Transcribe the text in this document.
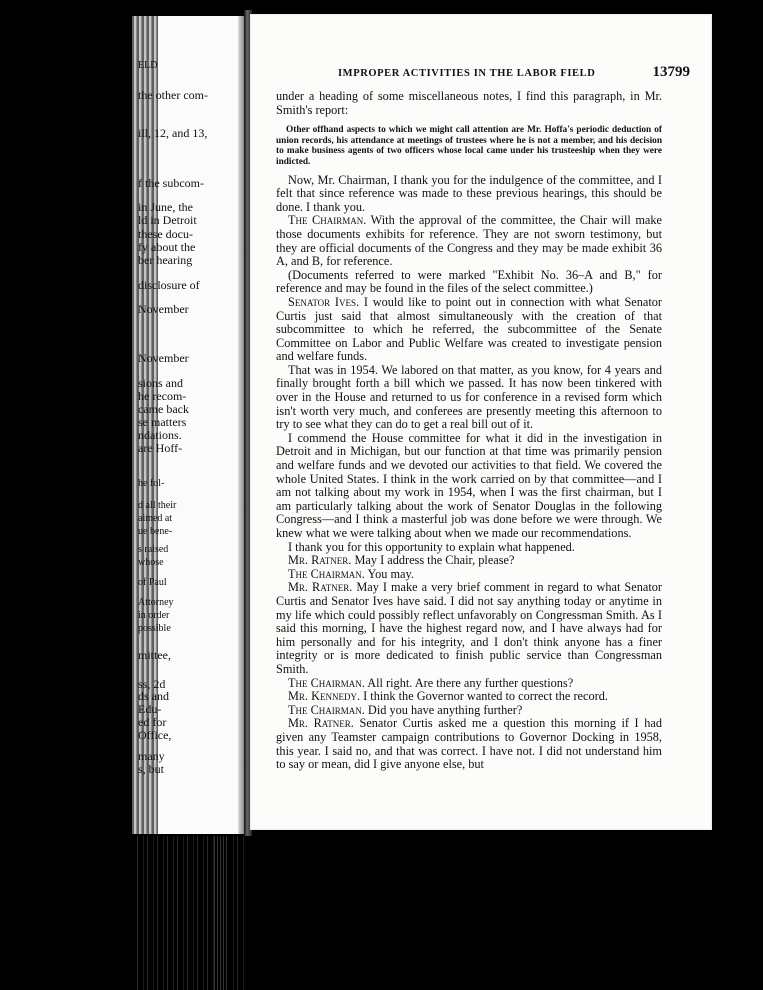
ELD
the other com-
ill, 12, and 13,
f the subcom-
in June, the
ld in Detroit
these docu-
fy about the
ber hearing
disclosure of
November
November
sions and
he recom-
came back
se matters
ndations.
are Hoff-
he fol-
d all their
aimed at
ue bene-
s raised
whose
of Paul
Attorney
in order
possible
mittee,
ss, 2d
ds and
Edu-
ed for
Office,
many
s, but
IMPROPER ACTIVITIES IN THE LABOR FIELD	13799

under a heading of some miscellaneous notes, I find this paragraph, in Mr. Smith's report:

Other offhand aspects to which we might call attention are Mr. Hoffa's periodic deduction of union records, his attendance at meetings of trustees where he is not a member, and his decision to make business agents of two officers whose local came under his trusteeship when they were indicted.

Now, Mr. Chairman, I thank you for the indulgence of the committee, and I felt that since reference was made to these previous hearings, this should be done. I thank you.

The Chairman. With the approval of the committee, the Chair will make those documents exhibits for reference. They are not sworn testimony, but they are official documents of the Congress and they may be made exhibit 36 A, and B, for reference.

(Documents referred to were marked "Exhibit No. 36–A and B," for reference and may be found in the files of the select committee.)

Senator Ives. I would like to point out in connection with what Senator Curtis just said that almost simultaneously with the creation of that subcommittee to which he referred, the subcommittee of the Senate Committee on Labor and Public Welfare was created to investigate pension and welfare funds.

That was in 1954. We labored on that matter, as you know, for 4 years and finally brought forth a bill which we passed. It has now been tinkered with over in the House and returned to us for conference in a revised form which isn't worth very much, and conferees are presently meeting this afternoon to try to see what they can do to get a real bill out of it.

I commend the House committee for what it did in the investigation in Detroit and in Michigan, but our function at that time was primarily pension and welfare funds and we devoted our activities to that field. We covered the whole United States. I think in the work carried on by that committee—and I am not talking about my work in 1954, when I was the first chairman, but I am particularly talking about the work of Senator Douglas in the following Congress—and I think a masterful job was done before we were through. We knew what we were talking about when we made our recommendations.

I thank you for this opportunity to explain what happened.

Mr. Ratner. May I address the Chair, please?

The Chairman. You may.

Mr. Ratner. May I make a very brief comment in regard to what Senator Curtis and Senator Ives have said. I did not say anything today or anytime in my life which could possibly reflect unfavorably on Congressman Smith. As I said this morning, I have the highest regard now, and I have always had for him personally and for his integrity, and I don't think anyone has a finer integrity or is more dedicated to finish public service than Congressman Smith.

The Chairman. All right. Are there any further questions?

Mr. Kennedy. I think the Governor wanted to correct the record.

The Chairman. Did you have anything further?

Mr. Ratner. Senator Curtis asked me a question this morning if I had given any Teamster campaign contributions to Governor Docking in 1958, this year. I said no, and that was correct. I have not. I did not understand him to say or mean, did I give anyone else, but
